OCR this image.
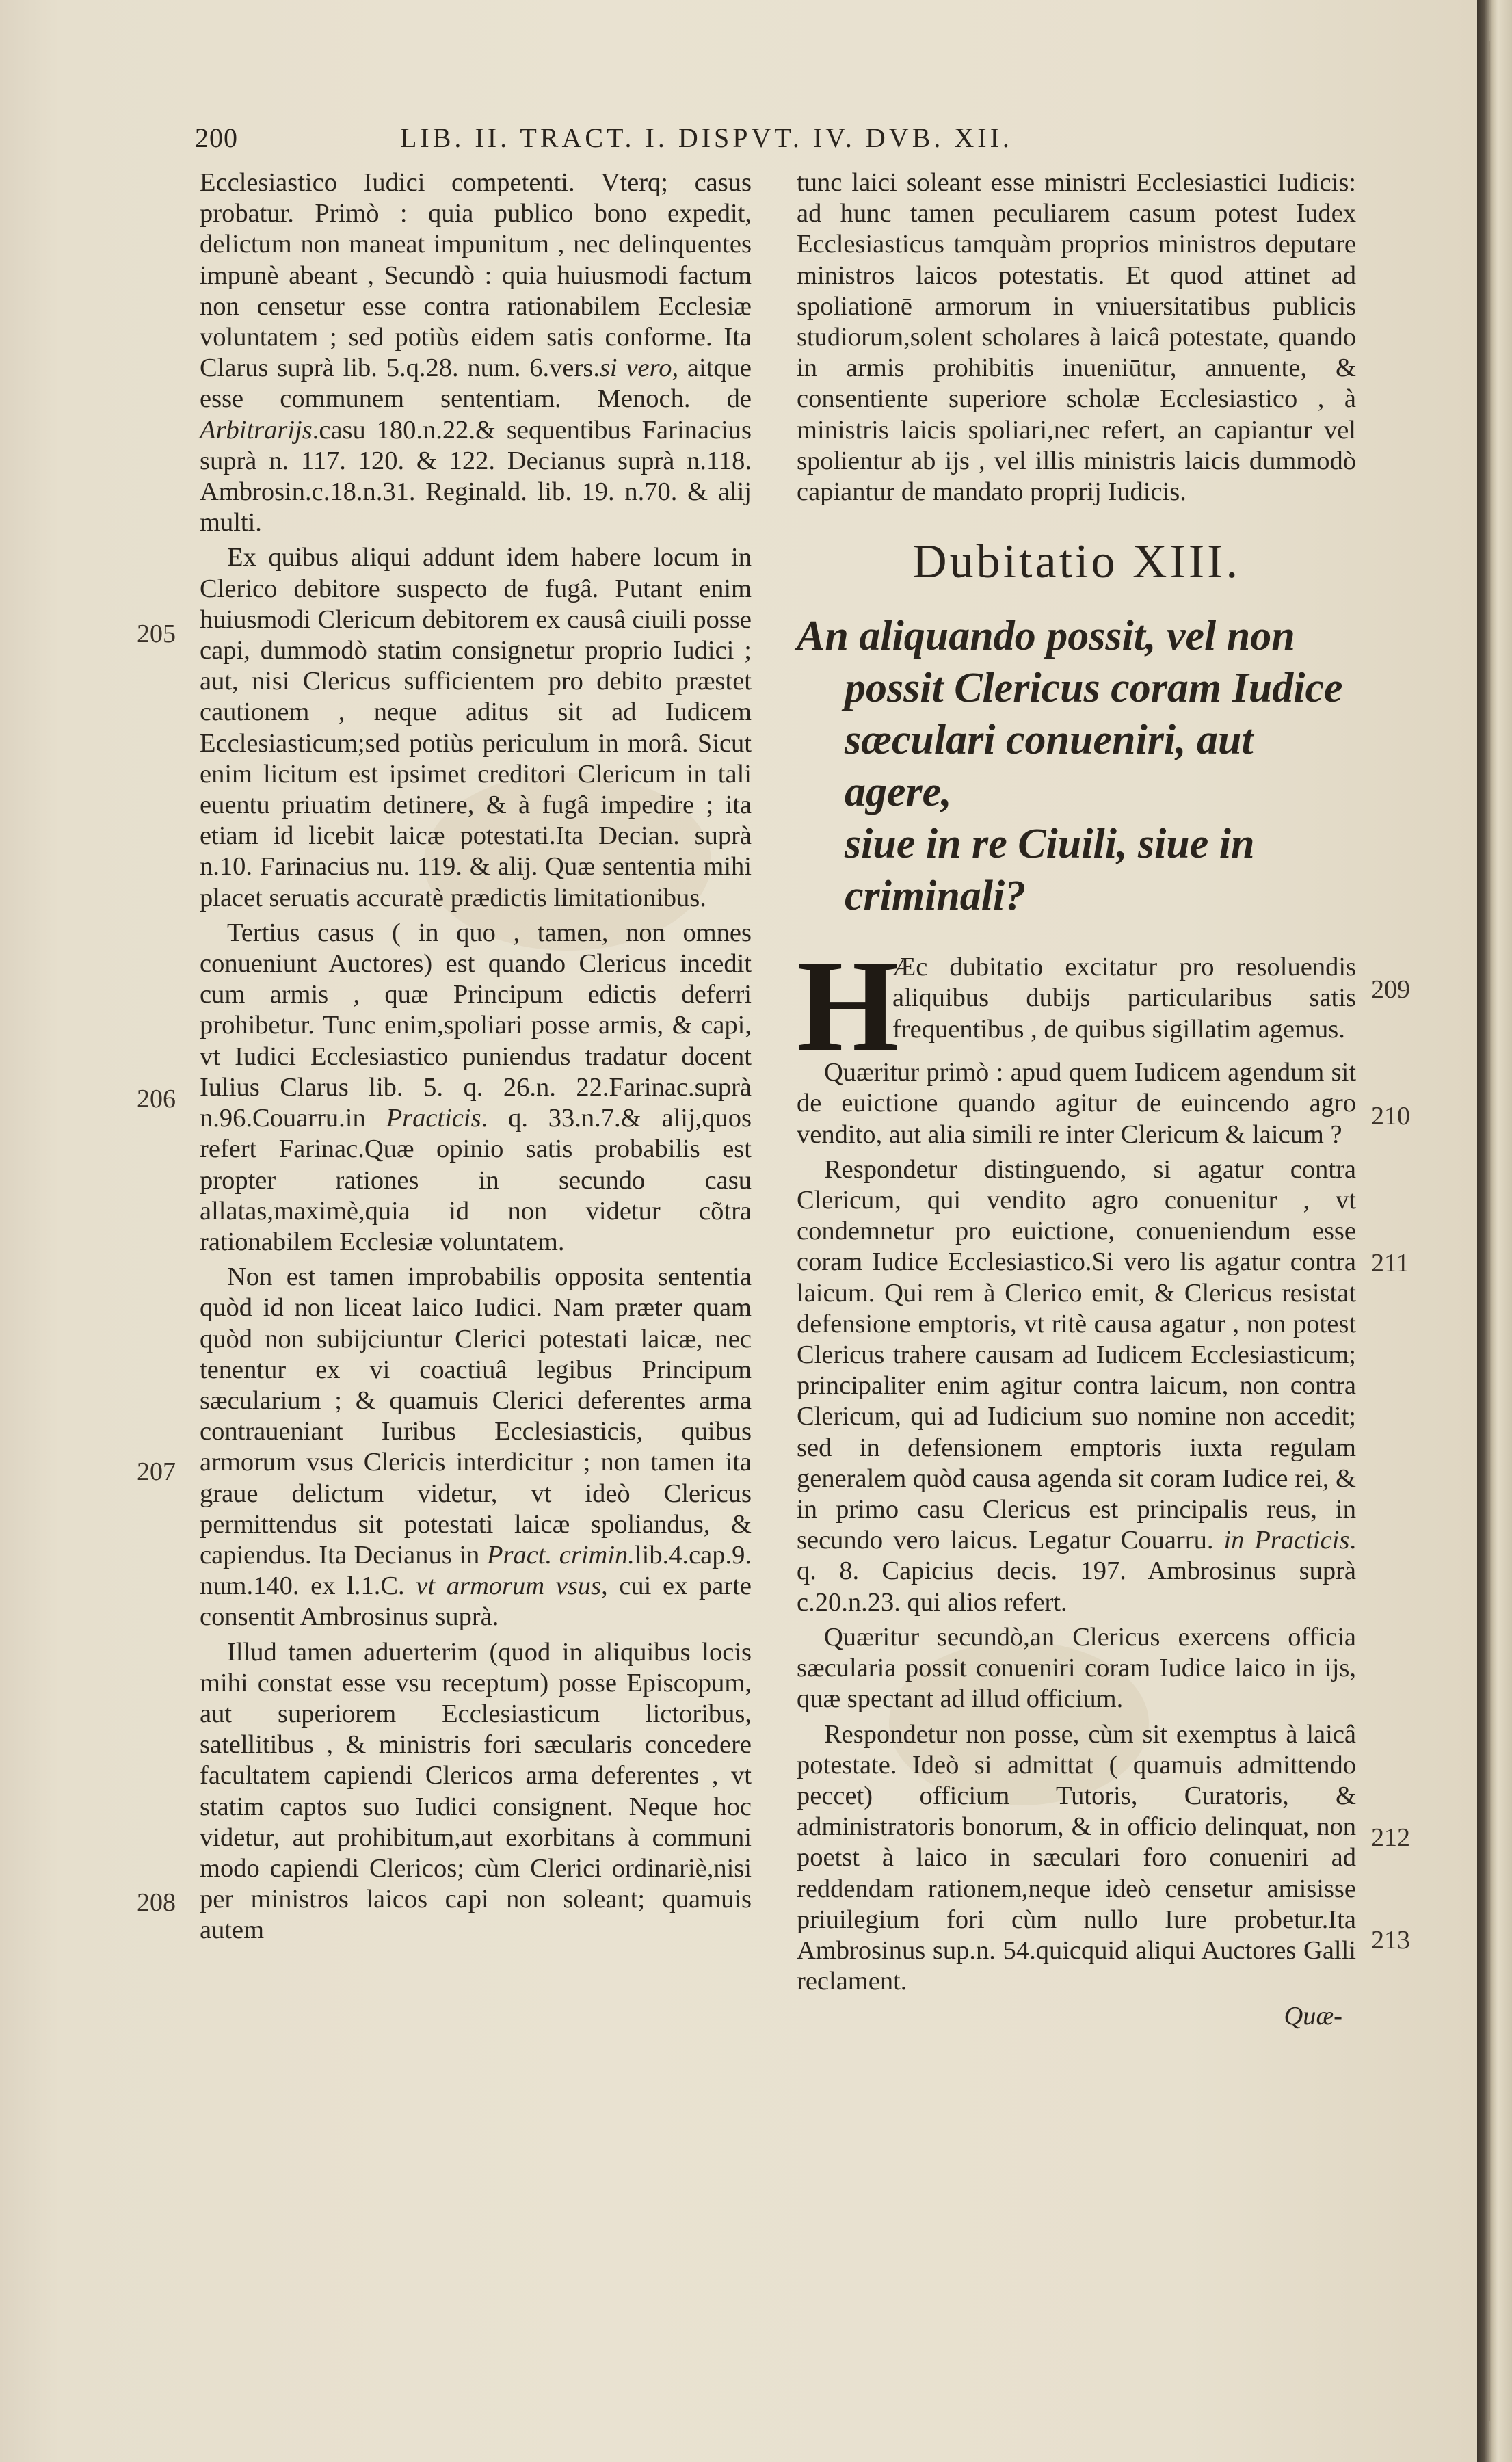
200	LIB. II. TRACT. I. DISPVT. IV. DVB. XII.
205
206
207
208
209
210
211
212
213

Ecclesiastico Iudici competenti. Vterq; casus probatur. Primò : quia publico bono expedit, delictum non maneat impunitum , nec delinquentes impunè abeant , Secundò : quia huiusmodi factum non censetur esse contra rationabilem Ecclesiæ voluntatem ; sed potiùs eidem satis conforme. Ita Clarus suprà lib. 5.q.28. num. 6.vers.si vero, aitque esse communem sententiam. Menoch. de Arbitrarijs.casu 180.n.22.& sequentibus Farinacius suprà n. 117. 120. & 122. Decianus suprà n.118. Ambrosin.c.18.n.31. Reginald. lib. 19. n.70. & alij multi.

Ex quibus aliqui addunt idem habere locum in Clerico debitore suspecto de fugâ. Putant enim huiusmodi Clericum debitorem ex causâ ciuili posse capi, dummodò statim consignetur proprio Iudici ; aut, nisi Clericus sufficientem pro debito præstet cautionem , neque aditus sit ad Iudicem Ecclesiasticum;sed potiùs periculum in morâ. Sicut enim licitum est ipsimet creditori Clericum in tali euentu priuatim detinere, & à fugâ impedire ; ita etiam id licebit laicæ potestati.Ita Decian. suprà n.10. Farinacius nu. 119. & alij. Quæ sententia mihi placet seruatis accuratè prædictis limitationibus.

Tertius casus ( in quo , tamen, non omnes conueniunt Auctores) est quando Clericus incedit cum armis , quæ Principum edictis deferri prohibetur. Tunc enim,spoliari posse armis, & capi, vt Iudici Ecclesiastico puniendus tradatur docent Iulius Clarus lib. 5. q. 26.n. 22.Farinac.suprà n.96.Couarru.in Practicis. q. 33.n.7.& alij,quos refert Farinac.Quæ opinio satis probabilis est propter rationes in secundo casu allatas,maximè,quia id non videtur cõtra rationabilem Ecclesiæ voluntatem.

Non est tamen improbabilis opposita sententia quòd id non liceat laico Iudici. Nam præter quam quòd non subijciuntur Clerici potestati laicæ, nec tenentur ex vi coactiuâ legibus Principum sæcularium ; & quamuis Clerici deferentes arma contraueniant Iuribus Ecclesiasticis, quibus armorum vsus Clericis interdicitur ; non tamen ita graue delictum videtur, vt ideò Clericus permittendus sit potestati laicæ spoliandus, & capiendus. Ita Decianus in Pract. crimin.lib.4.cap.9. num.140. ex l.1.C. vt armorum vsus, cui ex parte consentit Ambrosinus suprà.

Illud tamen aduerterim (quod in aliquibus locis mihi constat esse vsu receptum) posse Episcopum, aut superiorem Ecclesiasticum lictoribus, satellitibus , & ministris fori sæcularis concedere facultatem capiendi Clericos arma deferentes , vt statim captos suo Iudici consignent. Neque hoc videtur, aut prohibitum,aut exorbitans à communi modo capiendi Clericos; cùm Clerici ordinariè,nisi per ministros laicos capi non soleant; quamuis autem

tunc laici soleant esse ministri Ecclesiastici Iudicis: ad hunc tamen peculiarem casum potest Iudex Ecclesiasticus tamquàm proprios ministros deputare ministros laicos potestatis. Et quod attinet ad spoliationē armorum in vniuersitatibus publicis studiorum,solent scholares à laicâ potestate, quando in armis prohibitis inueniūtur, annuente, & consentiente superiore scholæ Ecclesiastico , à ministris laicis spoliari,nec refert, an capiantur vel spolientur ab ijs , vel illis ministris laicis dummodò capiantur de mandato proprij Iudicis.

Dubitatio XIII.
An aliquando possit, vel non
possit Clericus coram Iudice
sæculari conueniri, aut agere,
siue in re Ciuili, siue in criminali?
H

Æc dubitatio excitatur pro resoluendis aliquibus dubijs particularibus satis frequentibus , de quibus sigillatim agemus.

Quæritur primò : apud quem Iudicem agendum sit de euictione quando agitur de euincendo agro vendito, aut alia simili re inter Clericum & laicum ?

Respondetur distinguendo, si agatur contra Clericum, qui vendito agro conuenitur , vt condemnetur pro euictione, conueniendum esse coram Iudice Ecclesiastico.Si vero lis agatur contra laicum. Qui rem à Clerico emit, & Clericus resistat defensione emptoris, vt ritè causa agatur , non potest Clericus trahere causam ad Iudicem Ecclesiasticum; principaliter enim agitur contra laicum, non contra Clericum, qui ad Iudicium suo nomine non accedit; sed in defensionem emptoris iuxta regulam generalem quòd causa agenda sit coram Iudice rei, & in primo casu Clericus est principalis reus, in secundo vero laicus. Legatur Couarru. in Practicis. q. 8. Capicius decis. 197. Ambrosinus suprà c.20.n.23. qui alios refert.

Quæritur secundò,an Clericus exercens officia sæcularia possit conueniri coram Iudice laico in ijs, quæ spectant ad illud officium.

Respondetur non posse, cùm sit exemptus à laicâ potestate. Ideò si admittat ( quamuis admittendo peccet) officium Tutoris, Curatoris, & administratoris bonorum, & in officio delinquat, non poetst à laico in sæculari foro conueniri ad reddendam rationem,neque ideò censetur amisisse priuilegium fori cùm nullo Iure probetur.Ita Ambrosinus sup.n. 54.quicquid aliqui Auctores Galli reclament.

Quæ-
